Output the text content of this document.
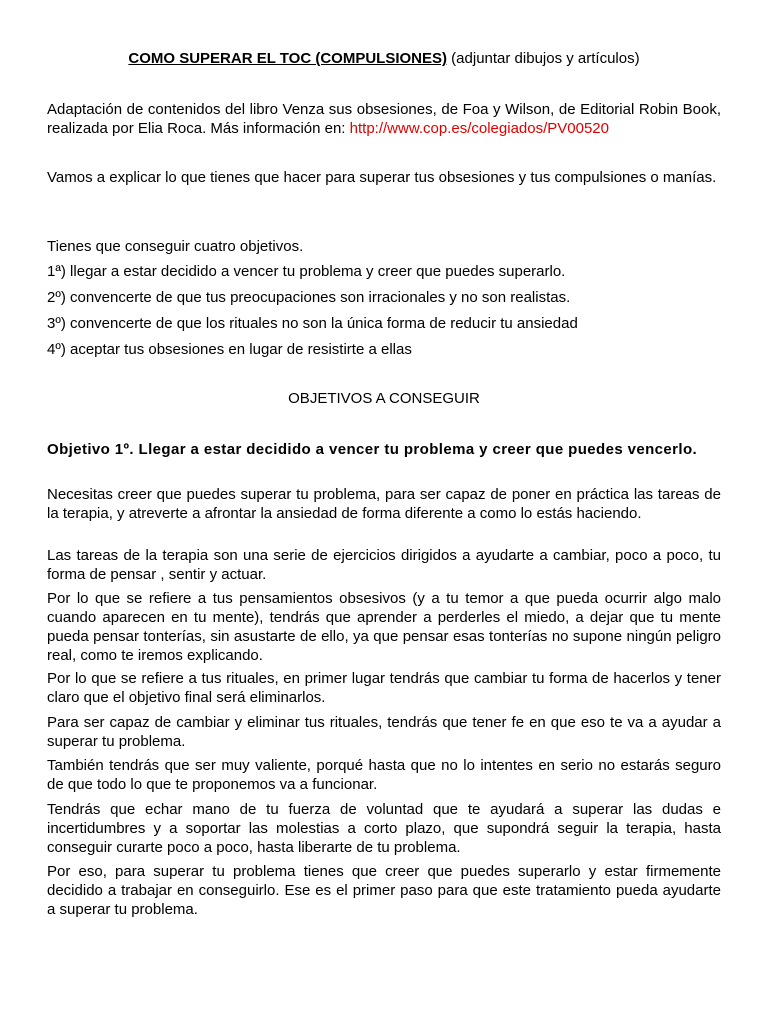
COMO SUPERAR EL TOC (COMPULSIONES) (adjuntar dibujos y artículos)

Adaptación de contenidos del libro Venza sus obsesiones, de Foa y Wilson, de Editorial Robin Book, realizada por Elia Roca. Más información en: http://www.cop.es/colegiados/PV00520

Vamos a explicar lo que tienes que hacer para superar tus obsesiones y tus compulsiones o manías.

Tienes que conseguir cuatro objetivos.
1ª) llegar a estar decidido a vencer tu problema y creer que puedes superarlo.
2º) convencerte de que tus preocupaciones son irracionales y no son realistas.
3º) convencerte de que los rituales no son la única forma de reducir tu ansiedad
4º) aceptar tus obsesiones en lugar de resistirte a ellas
OBJETIVOS A CONSEGUIR

Objetivo 1º. Llegar a estar decidido a vencer tu problema y creer que puedes vencerlo.

Necesitas creer que puedes superar tu problema, para ser capaz de poner en práctica las tareas de la terapia, y atreverte a afrontar la ansiedad de forma diferente a como lo estás haciendo.

Las tareas de la terapia son una serie de ejercicios dirigidos a ayudarte a cambiar, poco a poco, tu forma de pensar , sentir y actuar.

Por lo que se refiere a tus pensamientos obsesivos (y a tu temor a que pueda ocurrir algo malo cuando aparecen en tu mente), tendrás que aprender a perderles el miedo, a dejar que tu mente pueda pensar tonterías, sin asustarte de ello, ya que pensar esas tonterías no supone ningún peligro real, como te iremos explicando.

Por lo que se refiere a tus rituales, en primer lugar tendrás que cambiar tu forma de hacerlos y tener claro que el objetivo final será eliminarlos.

Para ser capaz de cambiar y eliminar tus rituales, tendrás que tener fe en que eso te va a ayudar a superar tu problema.

También tendrás que ser muy valiente, porqué hasta que no lo intentes en serio no estarás seguro de que todo lo que te proponemos va a funcionar.

Tendrás que echar mano de tu fuerza de voluntad que te ayudará a superar las dudas e incertidumbres y a soportar las molestias a corto plazo, que supondrá seguir la terapia, hasta conseguir curarte poco a poco, hasta liberarte de tu problema.

Por eso, para superar tu problema tienes que creer que puedes superarlo y estar firmemente decidido a trabajar en conseguirlo. Ese es el primer paso para que este tratamiento pueda ayudarte a superar tu problema.
